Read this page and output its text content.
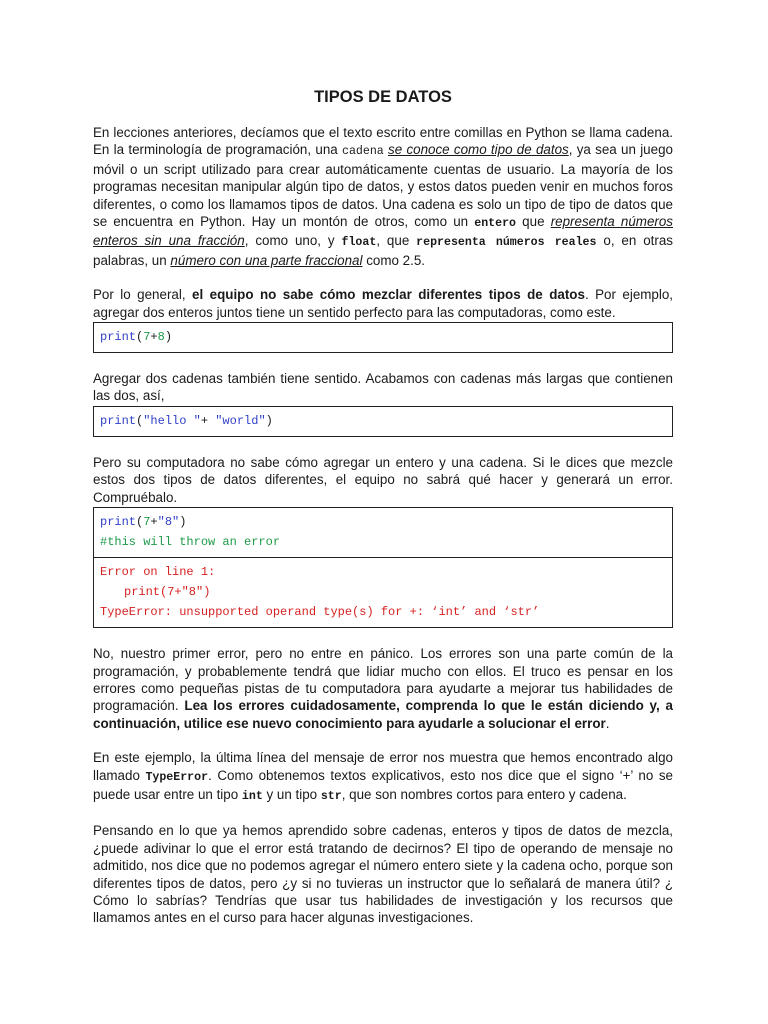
TIPOS DE DATOS

En lecciones anteriores, decíamos que el texto escrito entre comillas en Python se llama cadena. En la terminología de programación, una cadena se conoce como tipo de datos, ya sea un juego móvil o un script utilizado para crear automáticamente cuentas de usuario. La mayoría de los programas necesitan manipular algún tipo de datos, y estos datos pueden venir en muchos foros diferentes, o como los llamamos tipos de datos. Una cadena es solo un tipo de tipo de datos que se encuentra en Python. Hay un montón de otros, como un entero que representa números enteros sin una fracción, como uno, y float, que representa números reales o, en otras palabras, un número con una parte fraccional como 2.5.

Por lo general, el equipo no sabe cómo mezclar diferentes tipos de datos. Por ejemplo, agregar dos enteros juntos tiene un sentido perfecto para las computadoras, como este.

print(7+8)

Agregar dos cadenas también tiene sentido. Acabamos con cadenas más largas que contienen las dos, así,

print("hello "+ "world")

Pero su computadora no sabe cómo agregar un entero y una cadena. Si le dices que mezcle estos dos tipos de datos diferentes, el equipo no sabrá qué hacer y generará un error. Compruébalo.

print(7+"8")
#this will throw an error
Error on line 1:
print(7+"8")
TypeError: unsupported operand type(s) for +: ‘int’ and ‘str’

No, nuestro primer error, pero no entre en pánico. Los errores son una parte común de la programación, y probablemente tendrá que lidiar mucho con ellos. El truco es pensar en los errores como pequeñas pistas de tu computadora para ayudarte a mejorar tus habilidades de programación. Lea los errores cuidadosamente, comprenda lo que le están diciendo y, a continuación, utilice ese nuevo conocimiento para ayudarle a solucionar el error.

En este ejemplo, la última línea del mensaje de error nos muestra que hemos encontrado algo llamado TypeError. Como obtenemos textos explicativos, esto nos dice que el signo ‘+’ no se puede usar entre un tipo int y un tipo str, que son nombres cortos para entero y cadena.

Pensando en lo que ya hemos aprendido sobre cadenas, enteros y tipos de datos de mezcla, ¿puede adivinar lo que el error está tratando de decirnos? El tipo de operando de mensaje no admitido, nos dice que no podemos agregar el número entero siete y la cadena ocho, porque son diferentes tipos de datos, pero ¿y si no tuvieras un instructor que lo señalará de manera útil? ¿ Cómo lo sabrías? Tendrías que usar tus habilidades de investigación y los recursos que llamamos antes en el curso para hacer algunas investigaciones.
